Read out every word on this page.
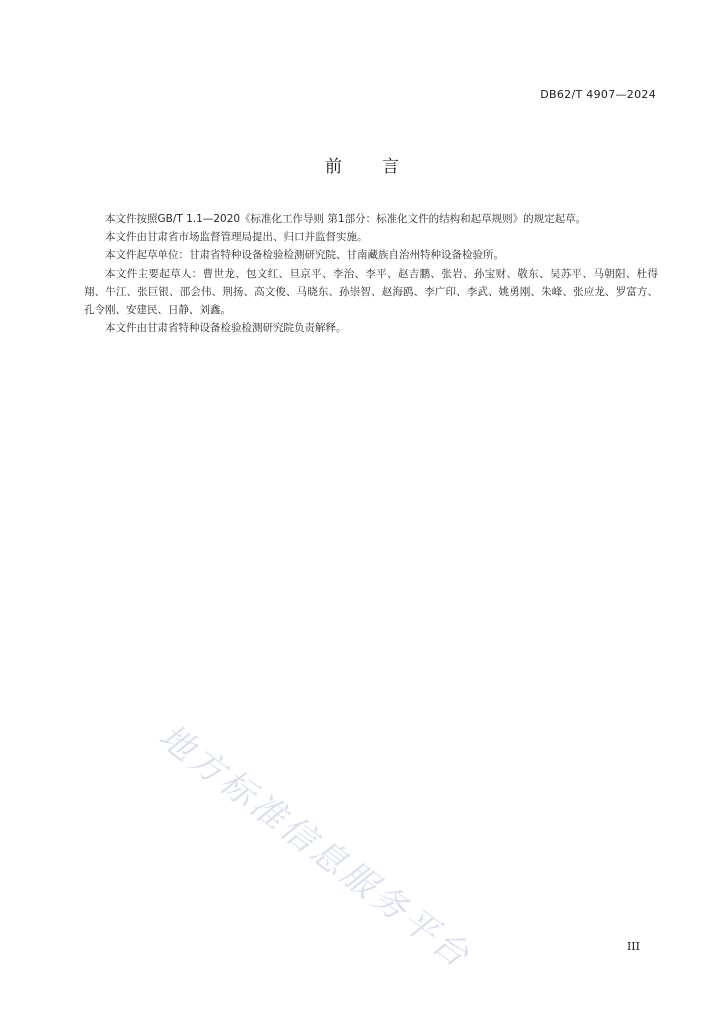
DB62/T 4907—2024
前言

本文件按照GB/T 1.1—2020《标准化工作导则 第1部分：标准化文件的结构和起草规则》的规定起草。

本文件由甘肃省市场监督管理局提出、归口并监督实施。

本文件起草单位：甘肃省特种设备检验检测研究院、甘南藏族自治州特种设备检验所。

本文件主要起草人：曹世龙、包文红、旦京平、李治、李平、赵吉鹏、张岩、孙宝财、敬东、吴苏平、马朝阳、杜得翔、牛江、张巨银、邵会伟、荆扬、高文俊、马晓东、孙崇智、赵海鸥、李广印、李武、姚勇刚、朱峰、张应龙、罗富方、孔令刚、安建民、日静、刘鑫。

本文件由甘肃省特种设备检验检测研究院负责解释。

地方标准信息服务平台	III
